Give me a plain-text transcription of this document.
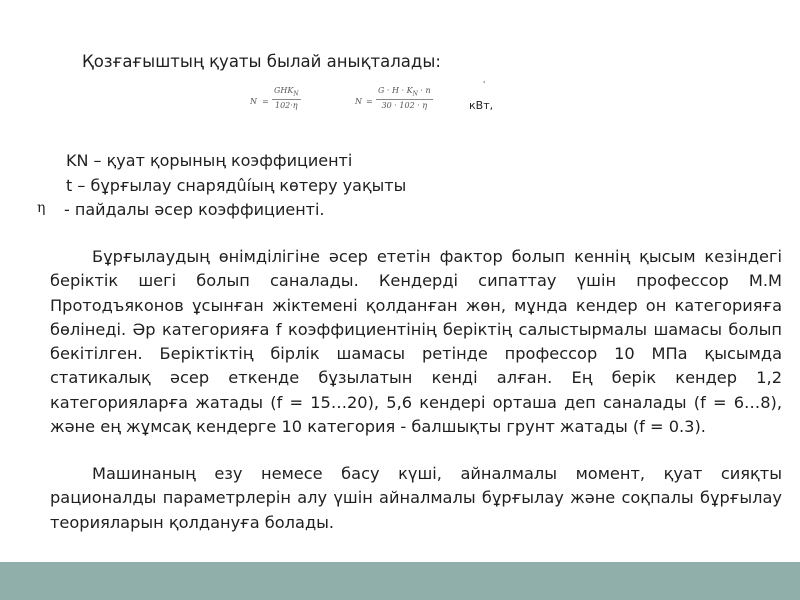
Қозғағыштың қуаты былай анықталады:
N =
$GHK_N$
102·η	N =
$G \cdot H \cdot K_N \cdot n$
30 · 102 · η
'
кВт,
KN – қуат қорының коэффициенті
t – бұрғылау снарядûíың көтеру уақыты
η - пайдалы әсер коэффициенті.

Бұрғылаудың өнімділігіне әсер ететін фактор болып кеннің қысым кезіндегі беріктік шегі болып саналады. Кендерді сипаттау үшін профессор М.М Протодъяконов ұсынған жіктемені қолданған жөн, мұнда кендер он категорияға бөлінеді. Әр категорияға f коэффициентінің беріктің салыстырмалы шамасы болып бекітілген. Беріктіктің бірлік шамасы ретінде профессор 10 МПа қысымда статикалық әсер еткенде бұзылатын кенді алған. Ең берік кендер 1,2 категорияларға жатады (f = 15…20), 5,6 кендері орташа деп саналады (f = 6…8), және ең жұмсақ кендерге 10 категория - балшықты грунт жатады (f = 0.3).

Машинаның езу немесе басу күші, айналмалы момент, қуат сияқты рационалды параметрлерін алу үшін айналмалы бұрғылау және соқпалы бұрғылау теорияларын қолдануға болады.
